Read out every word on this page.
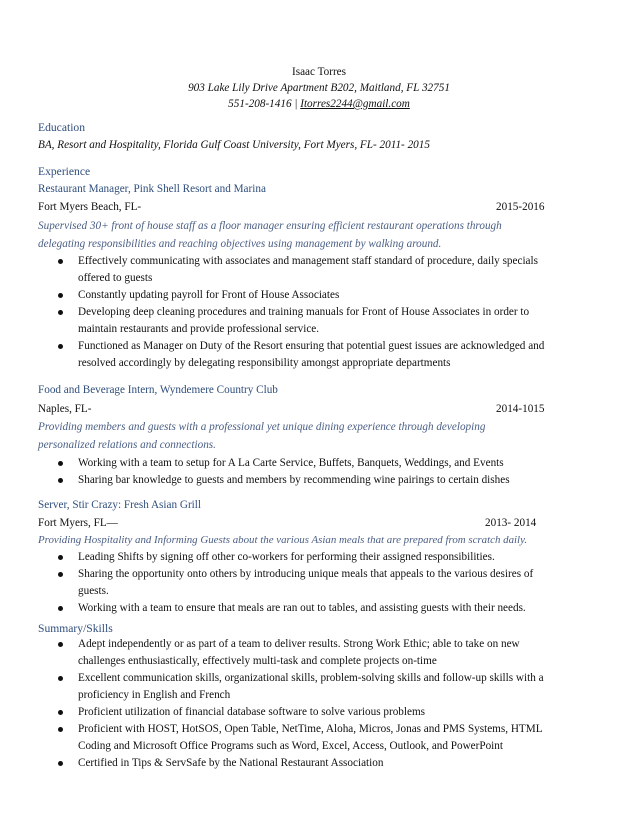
Isaac Torres
903 Lake Lily Drive Apartment B202, Maitland, FL 32751
551-208-1416 | Itorres2244@gmail.com
Education
BA, Resort and Hospitality, Florida Gulf Coast University, Fort Myers, FL- 2011- 2015
Experience
Restaurant Manager, Pink Shell Resort and Marina
Fort Myers Beach, FL-	2015-2016
Supervised 30+ front of house staff as a floor manager ensuring efficient restaurant operations through
delegating responsibilities and reaching objectives using management by walking around.
Effectively communicating with associates and management staff standard of procedure, daily specials
offered to guests
Constantly updating payroll for Front of House Associates
Developing deep cleaning procedures and training manuals for Front of House Associates in order to
maintain restaurants and provide professional service.
Functioned as Manager on Duty of the Resort ensuring that potential guest issues are acknowledged and
resolved accordingly by delegating responsibility amongst appropriate departments
Food and Beverage Intern, Wyndemere Country Club
Naples, FL-	2014-1015
Providing members and guests with a professional yet unique dining experience through developing
personalized relations and connections.
Working with a team to setup for A La Carte Service, Buffets, Banquets, Weddings, and Events
Sharing bar knowledge to guests and members by recommending wine pairings to certain dishes
Server, Stir Crazy: Fresh Asian Grill
Fort Myers, FL—	2013- 2014
Providing Hospitality and Informing Guests about the various Asian meals that are prepared from scratch daily.
Leading Shifts by signing off other co-workers for performing their assigned responsibilities.
Sharing the opportunity onto others by introducing unique meals that appeals to the various desires of
guests.
Working with a team to ensure that meals are ran out to tables, and assisting guests with their needs.
Summary/Skills
Adept independently or as part of a team to deliver results. Strong Work Ethic; able to take on new
challenges enthusiastically, effectively multi-task and complete projects on-time
Excellent communication skills, organizational skills, problem-solving skills and follow-up skills with a
proficiency in English and French
Proficient utilization of financial database software to solve various problems
Proficient with HOST, HotSOS, Open Table, NetTime, Aloha, Micros, Jonas and PMS Systems, HTML
Coding and Microsoft Office Programs such as Word, Excel, Access, Outlook, and PowerPoint
Certified in Tips & ServSafe by the National Restaurant Association
